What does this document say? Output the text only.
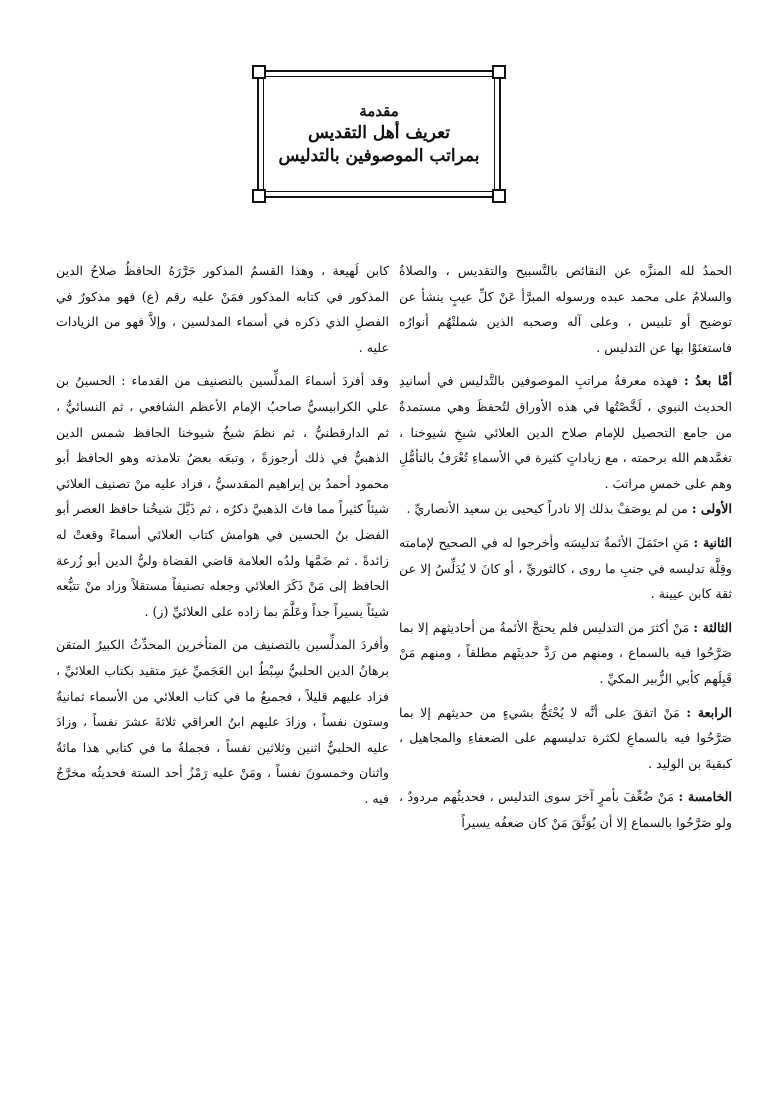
مقدمة
تعريف أهل التقديس
بمراتب الموصوفين بالتدليس

الحمدُ لله المنزَّه عن النقائص بالتَّسبيح والتقديس ، والصلاةُ والسلامُ على محمد عبده ورسوله المبرَّأ عَنْ كلِّ عيبٍ ينشأ عن توضيح أو تلبيس ، وعلى آله وصحبه الذين شملتْهُم أنوارُه فاستغنَوْا بها عن التدليس .

أمَّا بعدُ : فهذه معرفةُ مراتبِ الموصوفين بالتَّدليس في أسانيدِ الحديث النبوي ، لَخَّصْتُها في هذه الأوراق لتُحفظَ وهي مستمدةٌ من جامع التحصيل للإمام صلاح الدين العلائي شيخِ شيوخنا ، تغمَّدهم الله برحمته ، مع زياداتٍ كثيرة في الأسماءِ تُعْرَفُ بالتأمُّلِ وهم على خمسِ مراتبَ .

الأولى : من لم يوصَفْ بذلك إلا نادراً كيحيى بن سعيد الأنصاريِّ .

الثانية : مَنِ احتَمَلَ الأئمةُ تدليسَه وأخرجوا له في الصحيح لإمامته وقِلَّة تدليسه في جنبِ ما روى ، كالثوريِّ ، أو كانَ لا يُدَلِّسُ إلا عن ثقة كابن عيينة .

الثالثة : مَنْ أكثرَ من التدليس فلم يحتجَّ الأئمةُ من أحاديثهم إلا بما صَرَّحُوا فيه بالسماع ، ومنهم من رَدَّ حديثَهم مطلقاً ، ومنهم مَنْ قَبِلَهم كأبي الزُّبير المكيِّ .

الرابعة : مَنْ اتفقَ على أنَّه لا يُحْتَجُّ بشيءٍ من حديثهم إلا بما صَرَّحُوا فيه بالسماعِ لكثرة تدليسهم على الضعفاءِ والمجاهيل ، كبقيةَ بن الوليد .

الخامسة : مَنْ ضُعِّفَ بأمرٍ آخرَ سوى التدليس ، فحديثُهم مردودٌ ، ولو صَرَّحُوا بالسماع إلا أن يُوَثَّقَ مَنْ كان ضعفُه يسيراً

كابن لَهيعة ، وهذا القسمُ المذكور حَرَّرَهُ الحافظُ صلاحُ الدين المذكور في كتابه المذكور فمَنْ عليه رقم (ع) فهو مذكورٌ في الفصلِ الذي ذكره في أسماء المدلسين ، وإلاَّ فهو من الزيادات عليه .

وقد أفردَ أسماءَ المدلِّسين بالتصنيف من القدماء : الحسينُ بن علي الكرابيسيُّ صاحبُ الإمام الأعظم الشافعي ، ثم النسائيُّ ، ثم الدارقطنيُّ ، ثم نظمَ شيخُ شيوخنا الحافظ شمس الدين الذهبيُّ في ذلك أرجوزةً ، وتبعَه بعضُ تلامذته وهو الحافظ أبو محمود أحمدُ بن إبراهيم المقدسيُّ ، فزاد عليه منْ تصنيف العلائي شيئاً كثيراً مما فاتَ الذهبيَّ ذكرُه ، ثم ذَيَّلَ شيخُنا حافظ العصر أبو الفضل بنُ الحسين في هوامش كتاب العلائي أسماءً وقعتْ له زائدةً . ثم ضَمَّها ولدُه العلامة قاضي القضاة وليُّ الدين أبو زُرعة الحافظ إلى مَنْ ذَكَرَ العلائي وجعله تصنيفاً مستقلاً وزاد منْ تتبُّعه شيئاً يسيراً جداً وعَلَّمَ بما زاده على العلائيِّ (ز) .

وأفردَ المدلِّسين بالتصنيف من المتأخرين المحدِّثُ الكبيرُ المتقن برهانُ الدين الحلبيُّ سِبْطُ ابن العَجَميِّ غيرَ متقيد بكتاب العلائيِّ ، فزاد عليهم قليلاً ، فجميعُ ما في كتاب العلائي من الأسماء ثمانيةٌ وستون نفساً ، وزادَ عليهم ابنُ العراقي ثلاثةَ عشرَ نفساً ، وزادَ عليه الحلبيُّ اثنين وثلاثين نفساً ، فجملةُ ما في كتابي هذا مائةٌ واثنان وخمسونَ نفساً ، ومَنْ عليه رَمْزُ أحد الستة فحديثُه مخرَّجٌ فيه .
